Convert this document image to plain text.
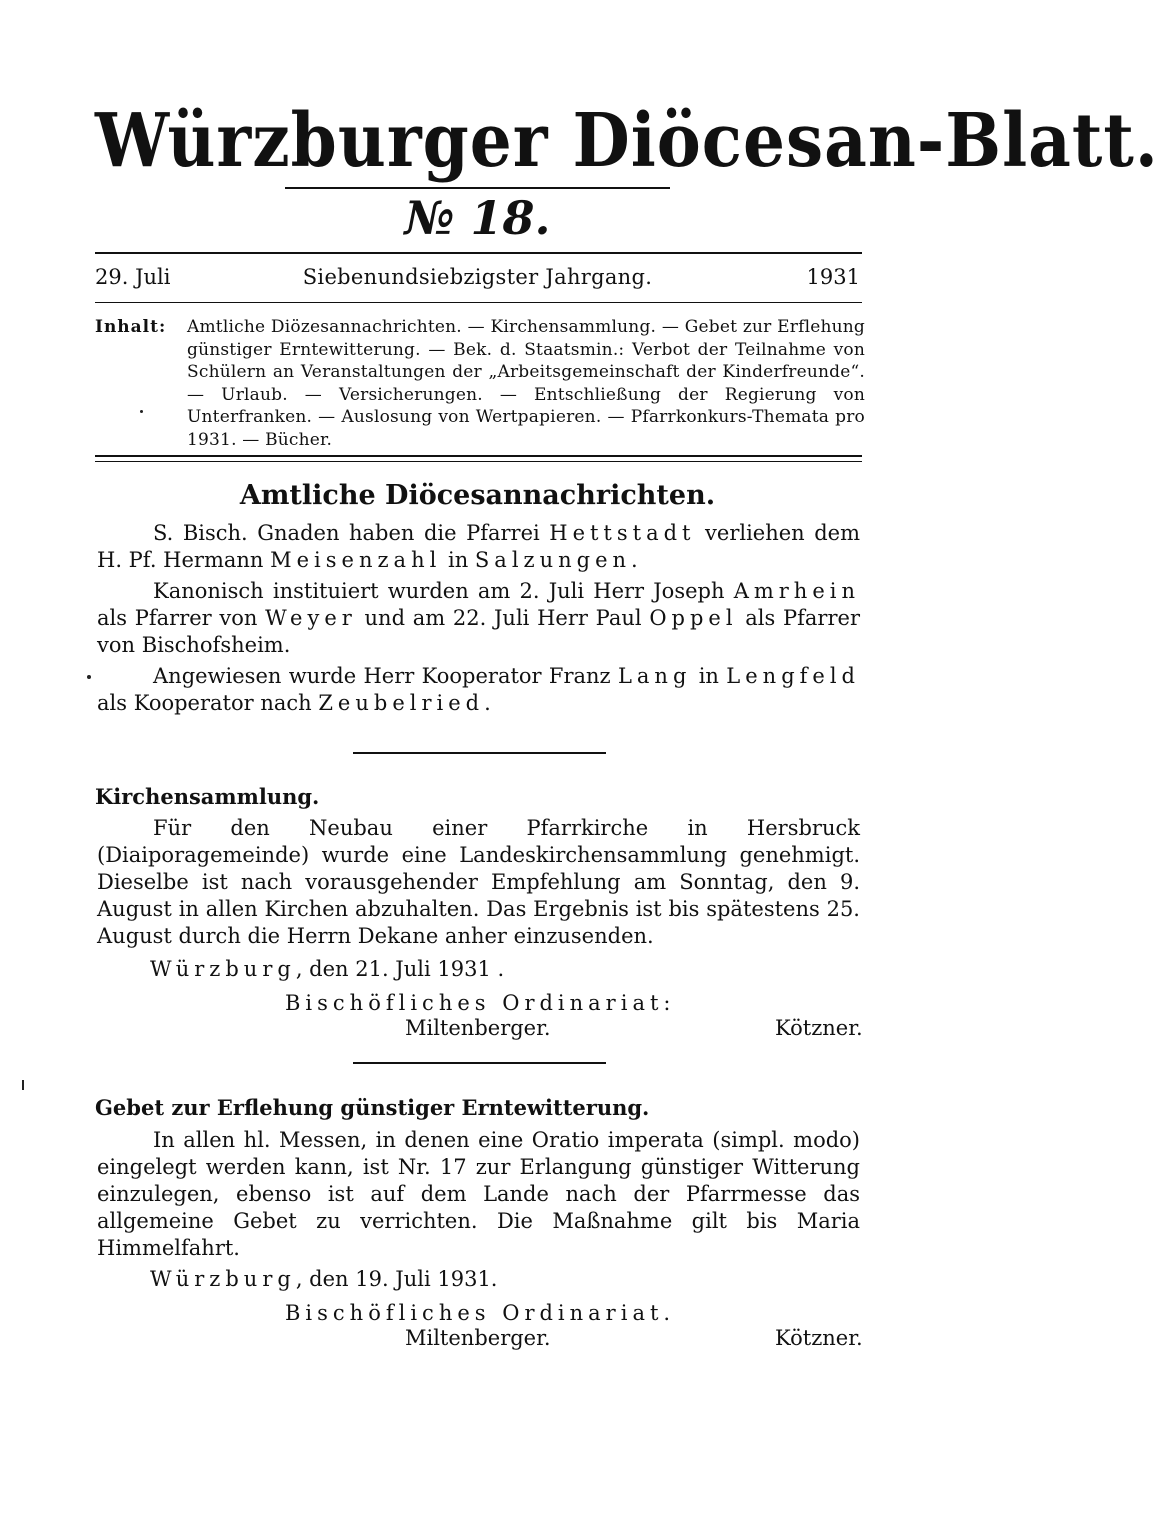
Würzburger Diöcesan-Blatt.
№ 18.
29. Juli	Siebenundsiebzigster Jahrgang.	1931
Inhalt:	Amtliche Diözesannachrichten. — Kirchensammlung. — Gebet zur Erflehung günstiger Erntewitterung. — Bek. d. Staatsmin.: Verbot der Teilnahme von Schülern an Veranstaltungen der „Arbeitsgemeinschaft der Kinderfreunde“. — Urlaub. — Versicherungen. — Entschließung der Regierung von Unterfranken. — Auslosung von Wertpapieren. — Pfarrkonkurs-Themata pro 1931. — Bücher.
Amtliche Diöcesannachrichten.

S. Bisch. Gnaden haben die Pfarrei Hettstadt verliehen dem H. Pf. Hermann Meisenzahl in Salzungen.

Kanonisch instituiert wurden am 2. Juli Herr Joseph Amrhein als Pfarrer von Weyer und am 22. Juli Herr Paul Oppel als Pfarrer von Bischofsheim.

Angewiesen wurde Herr Kooperator Franz Lang in Lengfeld als Kooperator nach Zeubelried.

Kirchensammlung.

Für den Neubau einer Pfarrkirche in Hersbruck (Diaiporagemeinde) wurde eine Landeskirchensammlung genehmigt. Dieselbe ist nach vorausgehender Empfehlung am Sonntag, den 9. August in allen Kirchen abzuhalten. Das Ergebnis ist bis spätestens 25. August durch die Herrn Dekane anher einzusenden.

Würzburg, den 21. Juli 1931 .
Bischöfliches Ordinariat:
Miltenberger.	Kötzner.
Gebet zur Erflehung günstiger Erntewitterung.

In allen hl. Messen, in denen eine Oratio imperata (simpl. modo) eingelegt werden kann, ist Nr. 17 zur Erlangung günstiger Witterung einzulegen, ebenso ist auf dem Lande nach der Pfarrmesse das allgemeine Gebet zu verrichten. Die Maßnahme gilt bis Maria Himmelfahrt.

Würzburg, den 19. Juli 1931.
Bischöfliches Ordinariat.
Miltenberger.	Kötzner.
